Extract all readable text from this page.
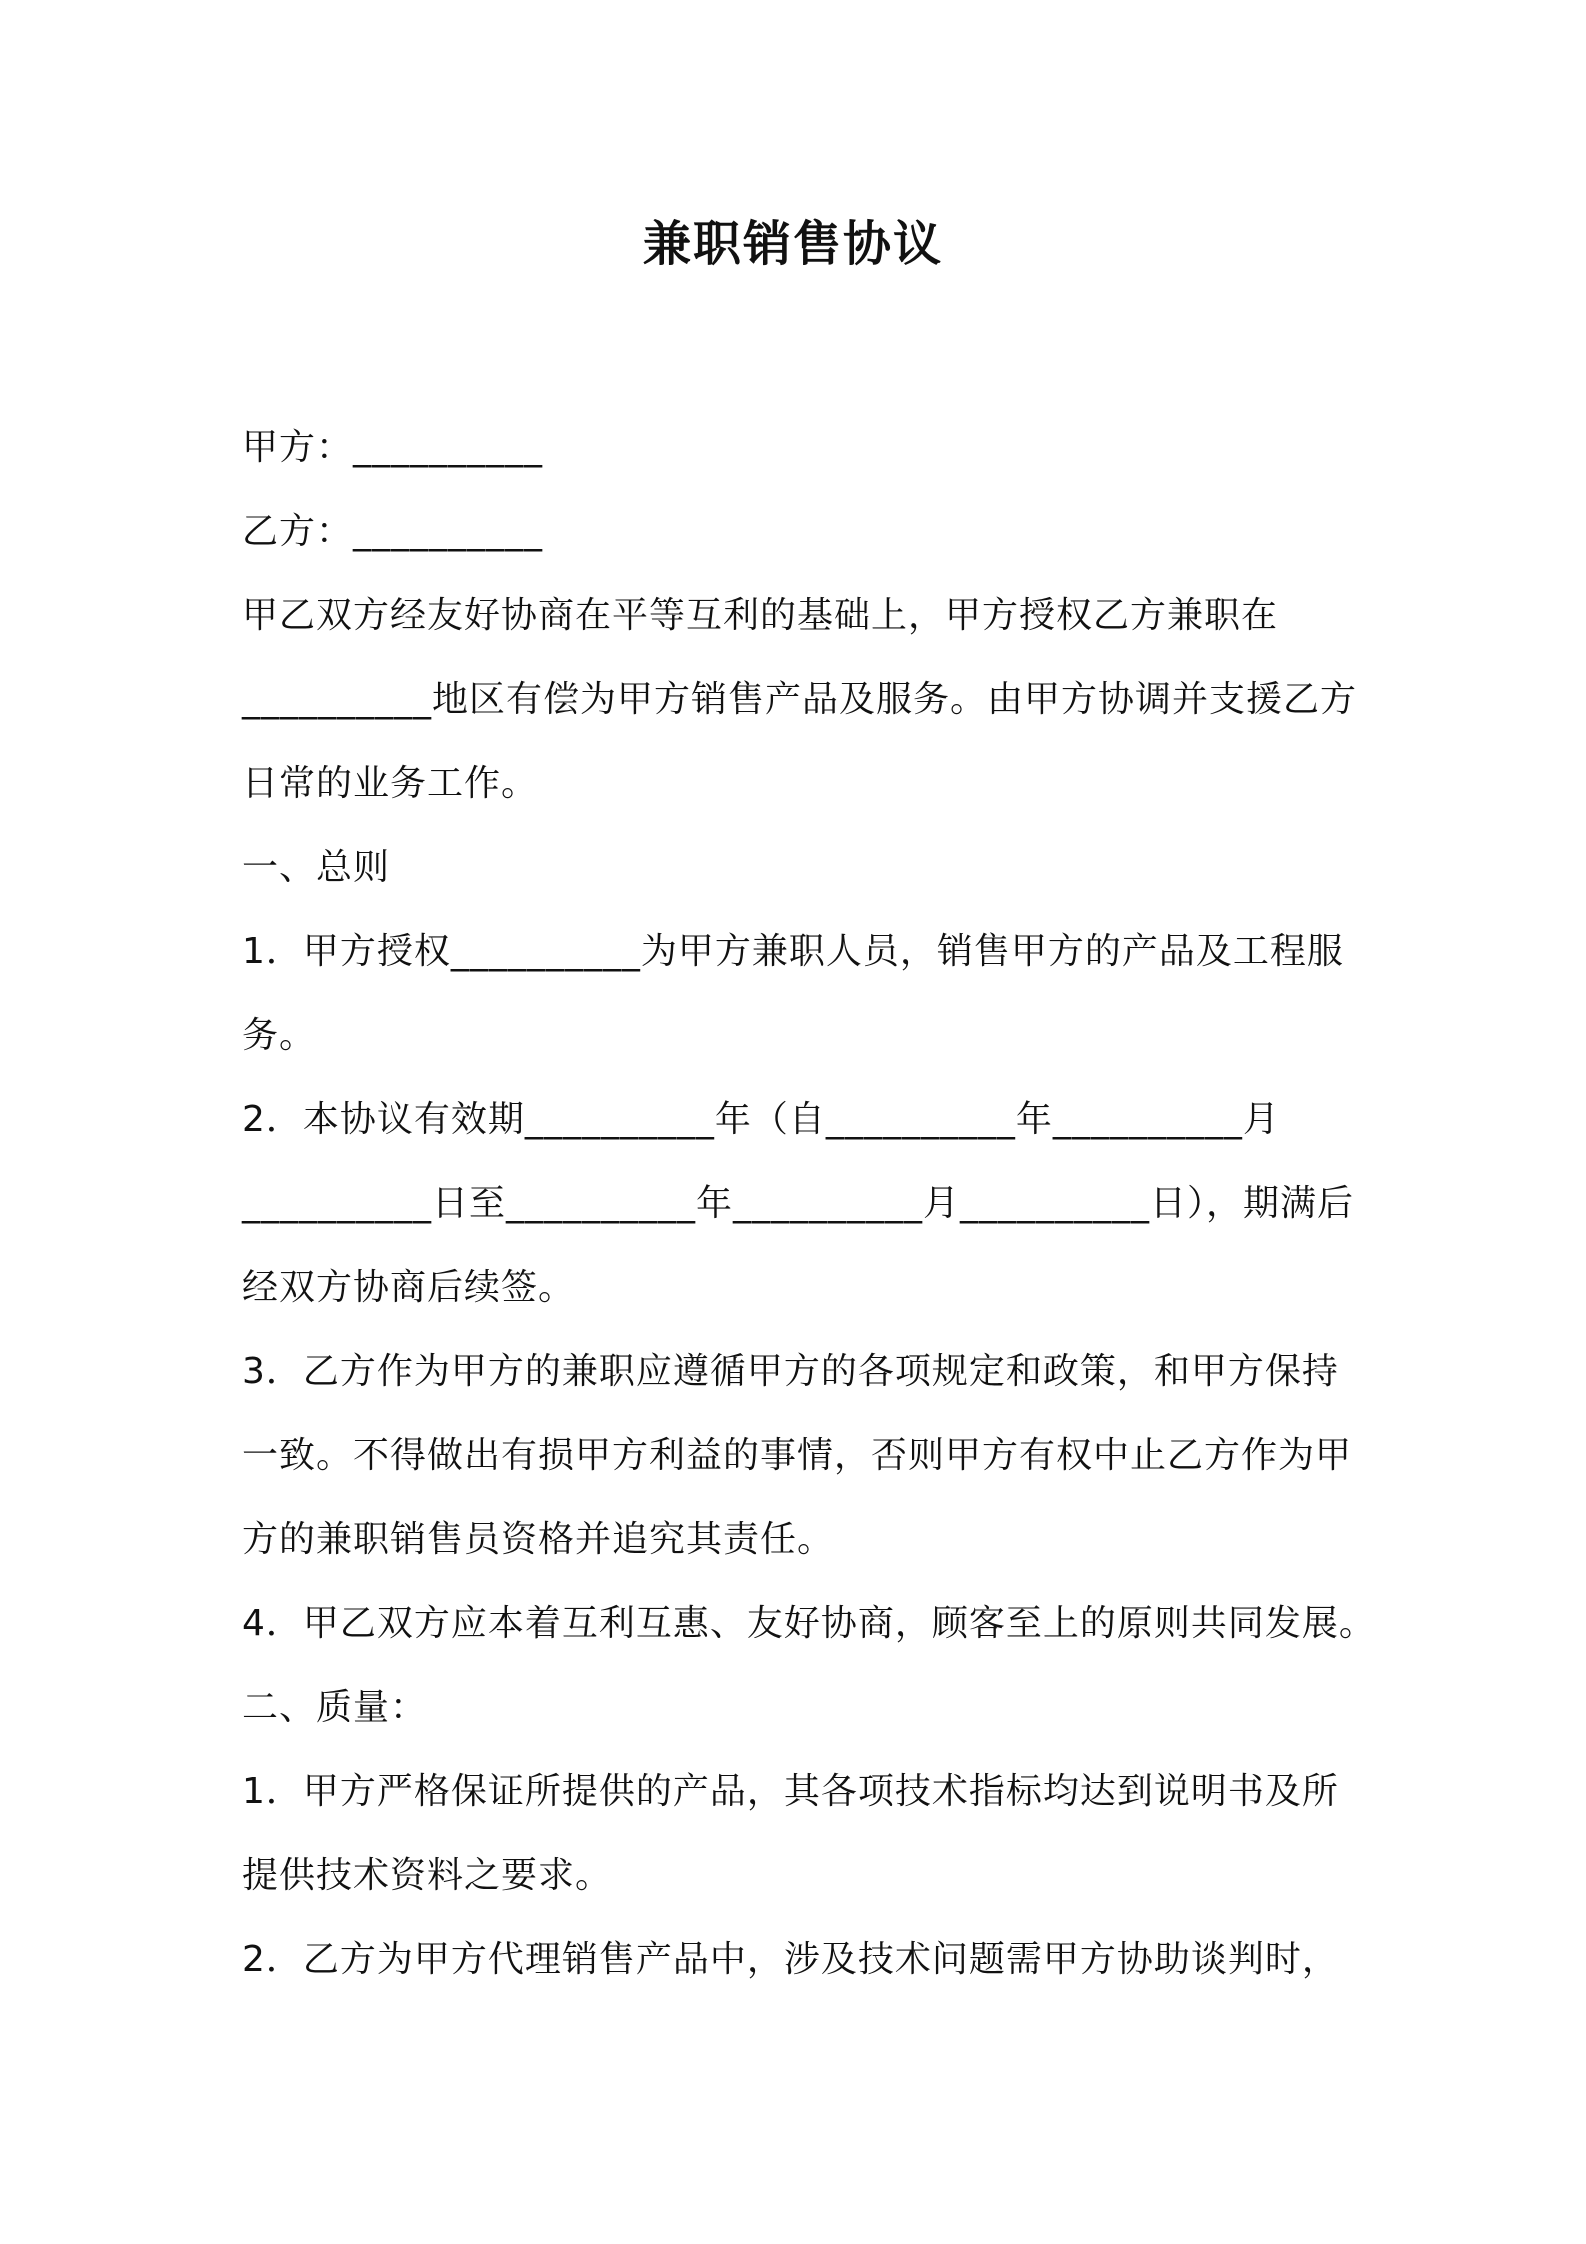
兼职销售协议
甲方：__________
乙方：__________
甲乙双方经友好协商在平等互利的基础上，甲方授权乙方兼职在
__________地区有偿为甲方销售产品及服务。由甲方协调并支援乙方
日常的业务工作。
一、总则
1．甲方授权__________为甲方兼职人员，销售甲方的产品及工程服
务。
2．本协议有效期__________年（自__________年__________月
__________日至__________年__________月__________日），期满后
经双方协商后续签。
3．乙方作为甲方的兼职应遵循甲方的各项规定和政策，和甲方保持
一致。不得做出有损甲方利益的事情，否则甲方有权中止乙方作为甲
方的兼职销售员资格并追究其责任。
4．甲乙双方应本着互利互惠、友好协商，顾客至上的原则共同发展。
二、质量：
1．甲方严格保证所提供的产品，其各项技术指标均达到说明书及所
提供技术资料之要求。
2．乙方为甲方代理销售产品中，涉及技术问题需甲方协助谈判时，
